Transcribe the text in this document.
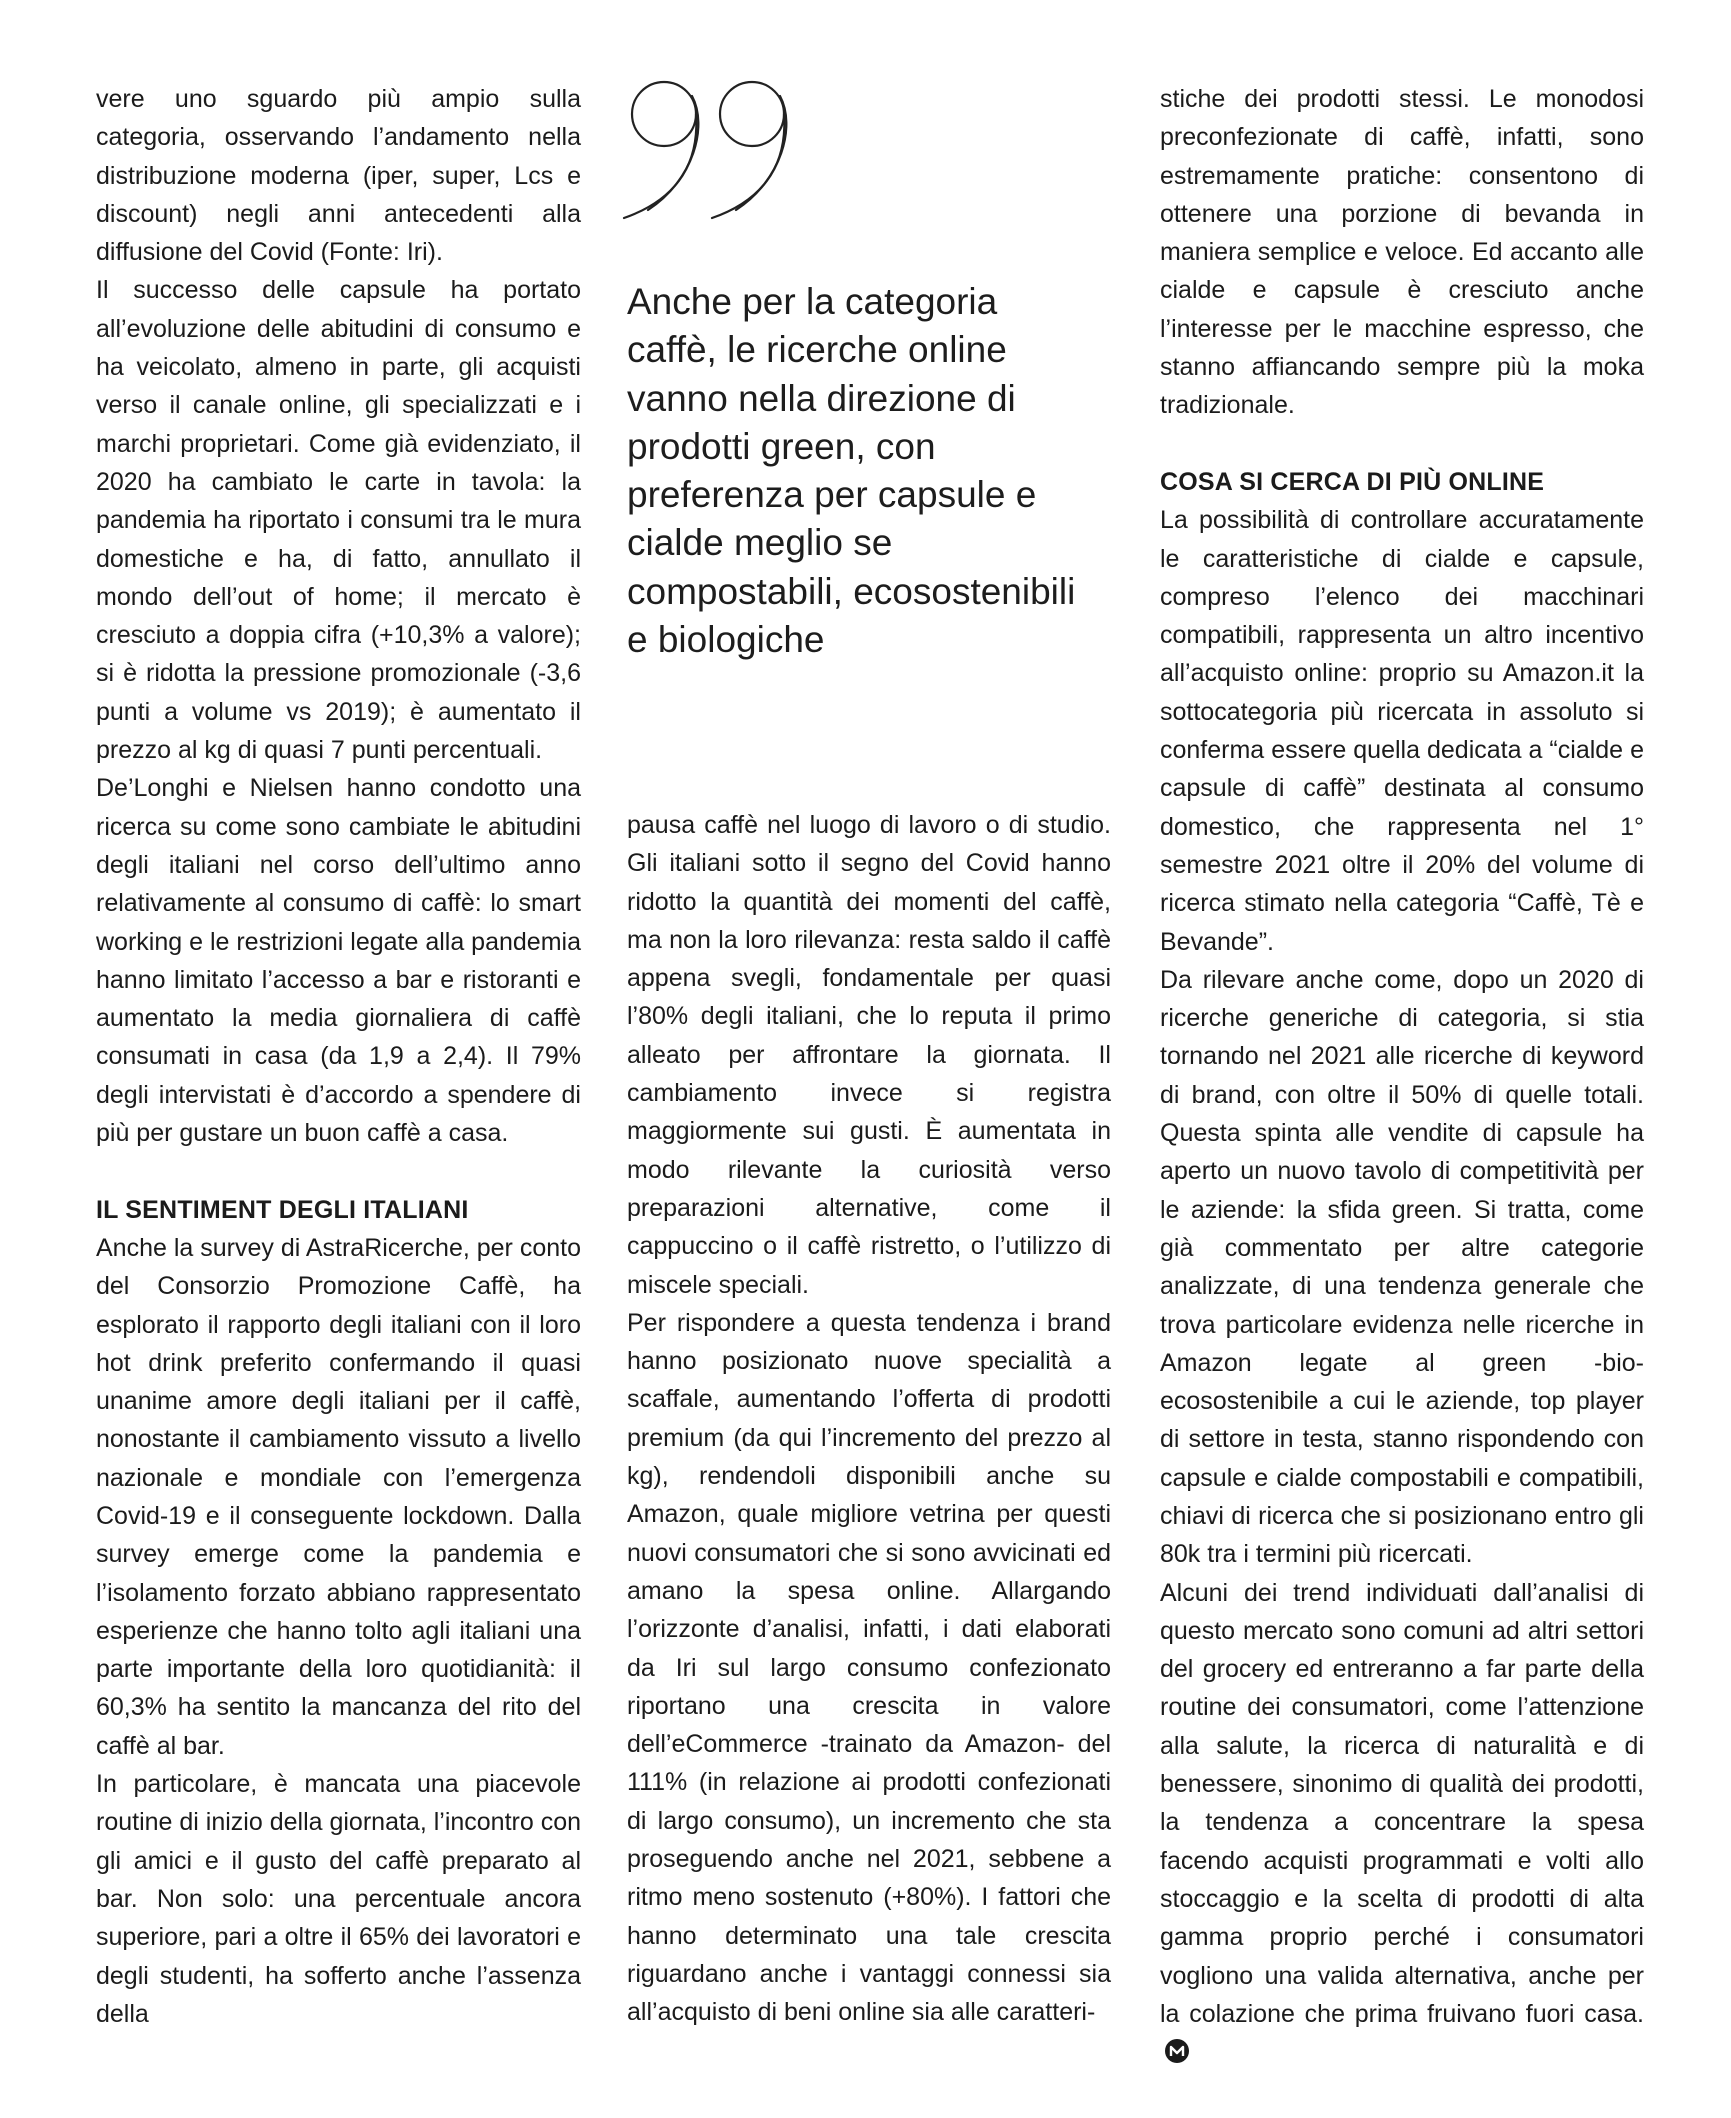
Anche per la categoria caffè, le ricerche online vanno nella direzione di prodotti green, con preferenza per capsule e cialde meglio se compostabili, ecosostenibili e biologiche

vere uno sguardo più ampio sulla categoria, osservando l’andamento nella distribuzione moderna (iper, super, Lcs e discount) negli anni antecedenti alla diffusione del Covid (Fonte: Iri).

Il successo delle capsule ha portato all’evoluzione delle abitudini di consumo e ha veicolato, almeno in parte, gli acquisti verso il canale online, gli specializzati e i marchi proprietari. Come già evidenziato, il 2020 ha cambiato le carte in tavola: la pandemia ha riportato i consumi tra le mura domestiche e ha, di fatto, annullato il mondo dell’out of home; il mercato è cresciuto a doppia cifra (+10,3% a valore); si è ridotta la pressione promozionale (-3,6 punti a volume vs 2019); è aumentato il prezzo al kg di quasi 7 punti percentuali.

De’Longhi e Nielsen hanno condotto una ricerca su come sono cambiate le abitudini degli italiani nel corso dell’ultimo anno relativamente al consumo di caffè: lo smart working e le restrizioni legate alla pandemia hanno limitato l’accesso a bar e ristoranti e aumentato la media giornaliera di caffè consumati in casa (da 1,9 a 2,4). Il 79% degli intervistati è d’accordo a spendere di più per gustare un buon caffè a casa.

IL SENTIMENT DEGLI ITALIANI

Anche la survey di AstraRicerche, per conto del Consorzio Promozione Caffè, ha esplorato il rapporto degli italiani con il loro hot drink preferito confermando il quasi unanime amore degli italiani per il caffè, nonostante il cambiamento vissuto a livello nazionale e mondiale con l’emergenza Covid-19 e il conseguente lockdown. Dalla survey emerge come la pandemia e l’isolamento forzato abbiano rappresentato esperienze che hanno tolto agli italiani una parte importante della loro quotidianità: il 60,3% ha sentito la mancanza del rito del caffè al bar.

In particolare, è mancata una piacevole routine di inizio della giornata, l’incontro con gli amici e il gusto del caffè preparato al bar. Non solo: una percentuale ancora superiore, pari a oltre il 65% dei lavoratori e degli studenti, ha sofferto anche l’assenza della

pausa caffè nel luogo di lavoro o di studio. Gli italiani sotto il segno del Covid hanno ridotto la quantità dei momenti del caffè, ma non la loro rilevanza: resta saldo il caffè appena svegli, fondamentale per quasi l’80% degli italiani, che lo reputa il primo alleato per affrontare la giornata. Il cambiamento invece si registra maggiormente sui gusti. È aumentata in modo rilevante la curiosità verso preparazioni alternative, come il cappuccino o il caffè ristretto, o l’utilizzo di miscele speciali.

Per rispondere a questa tendenza i brand hanno posizionato nuove specialità a scaffale, aumentando l’offerta di prodotti premium (da qui l’incremento del prezzo al kg), rendendoli disponibili anche su Amazon, quale migliore vetrina per questi nuovi consumatori che si sono avvicinati ed amano la spesa online. Allargando l’orizzonte d’analisi, infatti, i dati elaborati da Iri sul largo consumo confezionato riportano una crescita in valore dell’eCommerce -trainato da Amazon- del 111% (in relazione ai prodotti confezionati di largo consumo), un incremento che sta proseguendo anche nel 2021, sebbene a ritmo meno sostenuto (+80%). I fattori che hanno determinato una tale crescita riguardano anche i vantaggi connessi sia all’acquisto di beni online sia alle caratteri-

stiche dei prodotti stessi. Le monodosi preconfezionate di caffè, infatti, sono estremamente pratiche: consentono di ottenere una porzione di bevanda in maniera semplice e veloce. Ed accanto alle cialde e capsule è cresciuto anche l’interesse per le macchine espresso, che stanno affiancando sempre più la moka tradizionale.

COSA SI CERCA DI PIÙ ONLINE

La possibilità di controllare accuratamente le caratteristiche di cialde e capsule, compreso l’elenco dei macchinari compatibili, rappresenta un altro incentivo all’acquisto online: proprio su Amazon.it la sottocategoria più ricercata in assoluto si conferma essere quella dedicata a “cialde e capsule di caffè” destinata al consumo domestico, che rappresenta nel 1° semestre 2021 oltre il 20% del volume di ricerca stimato nella categoria “Caffè, Tè e Bevande”.

Da rilevare anche come, dopo un 2020 di ricerche generiche di categoria, si stia tornando nel 2021 alle ricerche di keyword di brand, con oltre il 50% di quelle totali. Questa spinta alle vendite di capsule ha aperto un nuovo tavolo di competitività per le aziende: la sfida green. Si tratta, come già commentato per altre categorie analizzate, di una tendenza generale che trova particolare evidenza nelle ricerche in Amazon legate al green -bio- ecosostenibile a cui le aziende, top player di settore in testa, stanno rispondendo con capsule e cialde compostabili e compatibili, chiavi di ricerca che si posizionano entro gli 80k tra i termini più ricercati.

Alcuni dei trend individuati dall’analisi di questo mercato sono comuni ad altri settori del grocery ed entreranno a far parte della routine dei consumatori, come l’attenzione alla salute, la ricerca di naturalità e di benessere, sinonimo di qualità dei prodotti, la tendenza a concentrare la spesa facendo acquisti programmati e volti allo stoccaggio e la scelta di prodotti di alta gamma proprio perché i consumatori vogliono una valida alternativa, anche per la colazione che prima fruivano fuori casa.
